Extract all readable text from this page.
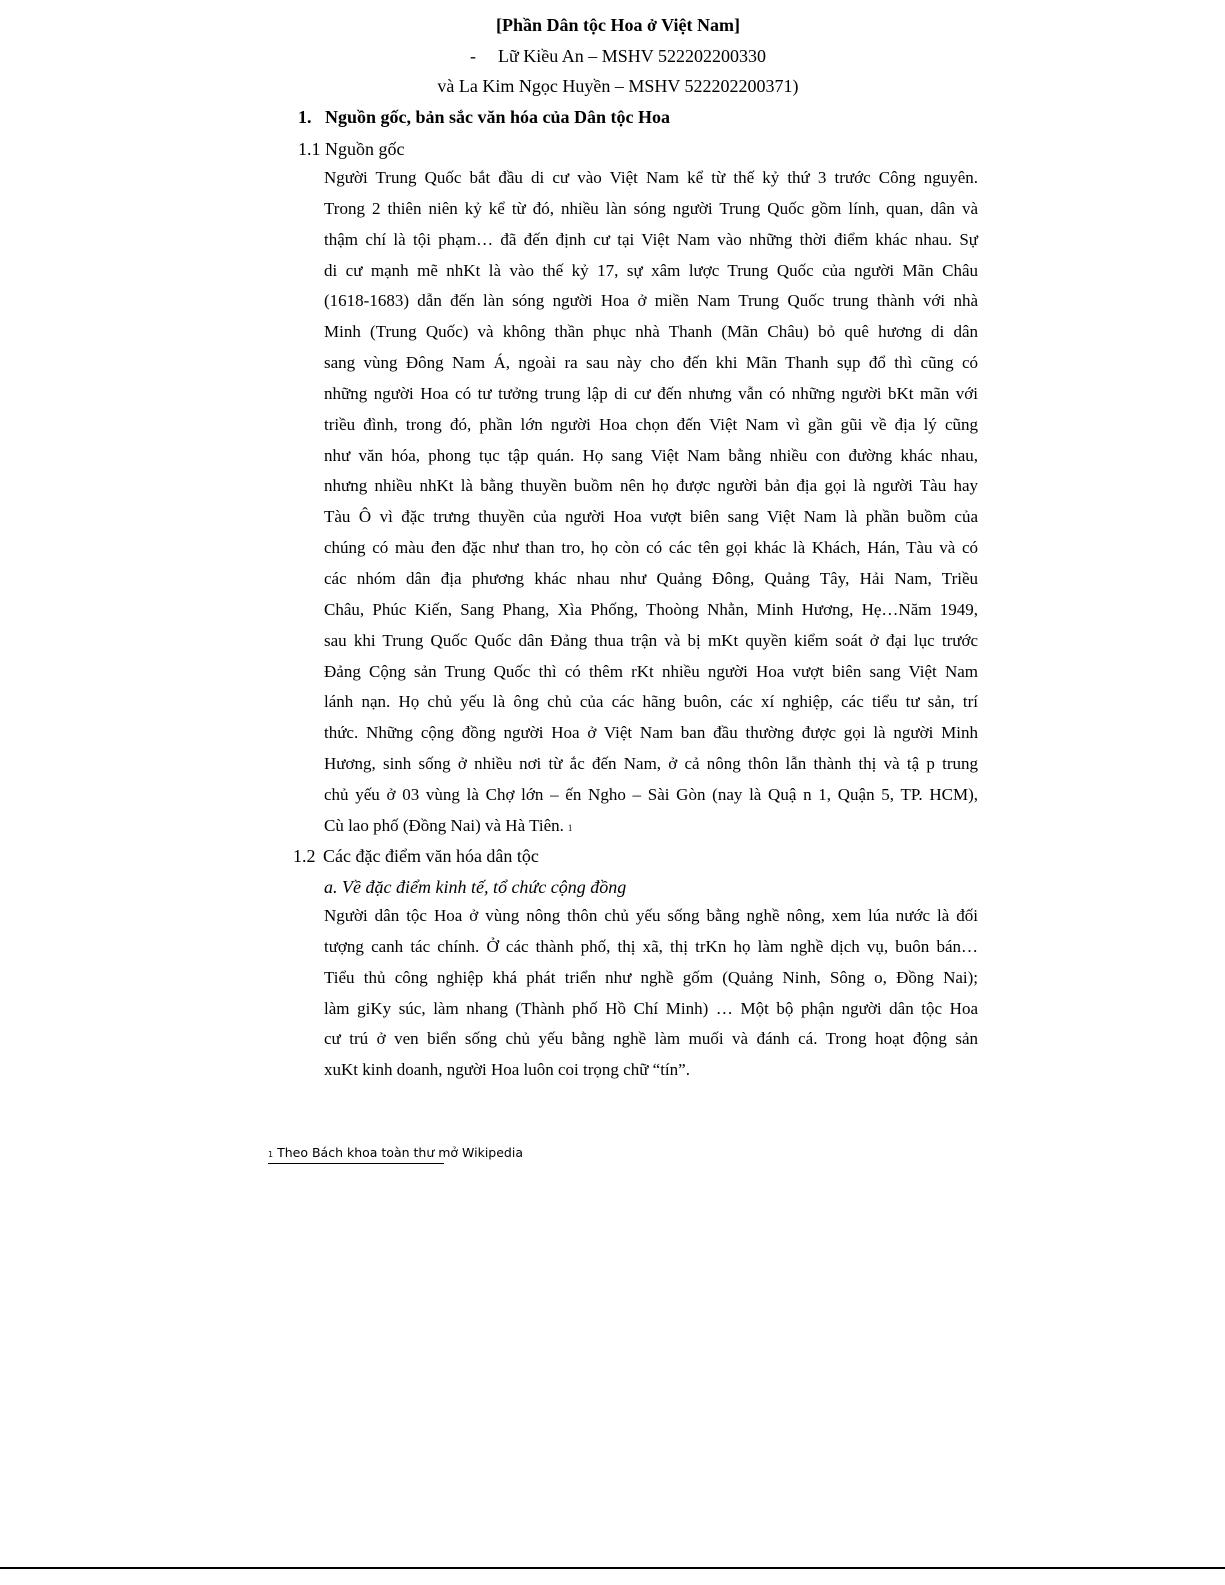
[Phần Dân tộc Hoa ở Việt Nam]
- Lữ Kiều An – MSHV 522202200330
và La Kim Ngọc Huyền – MSHV 522202200371)
1. Nguồn gốc, bản sắc văn hóa của Dân tộc Hoa
1.1 Nguồn gốc
Người Trung Quốc bắt đầu di cư vào Việt Nam kể từ thế kỷ thứ 3 trước Công nguyên.
Trong 2 thiên niên kỷ kể từ đó, nhiều làn sóng người Trung Quốc gồm lính, quan, dân và
thậm chí là tội phạm… đã đến định cư tại Việt Nam vào những thời điểm khác nhau. Sự
di cư mạnh mẽ nhKt là vào thế kỷ 17, sự xâm lược Trung Quốc của người Mãn Châu
(1618-1683) dẫn đến làn sóng người Hoa ở miền Nam Trung Quốc trung thành với nhà
Minh (Trung Quốc) và không thần phục nhà Thanh (Mãn Châu) bỏ quê hương di dân
sang vùng Đông Nam Á, ngoài ra sau này cho đến khi Mãn Thanh sụp đổ thì cũng có
những người Hoa có tư tưởng trung lập di cư đến nhưng vẫn có những người bKt mãn với
triều đình, trong đó, phần lớn người Hoa chọn đến Việt Nam vì gần gũi về địa lý cũng
như văn hóa, phong tục tập quán. Họ sang Việt Nam bằng nhiều con đường khác nhau,
nhưng nhiều nhKt là bằng thuyền buồm nên họ được người bản địa gọi là người Tàu hay
Tàu Ô vì đặc trưng thuyền của người Hoa vượt biên sang Việt Nam là phần buồm của
chúng có màu đen đặc như than tro, họ còn có các tên gọi khác là Khách, Hán, Tàu và có
các nhóm dân địa phương khác nhau như Quảng Đông, Quảng Tây, Hải Nam, Triều
Châu, Phúc Kiến, Sang Phang, Xìa Phống, Thoòng Nhằn, Minh Hương, Hẹ…Năm 1949,
sau khi Trung Quốc Quốc dân Đảng thua trận và bị mKt quyền kiểm soát ở đại lục trước
Đảng Cộng sản Trung Quốc thì có thêm rKt nhiều người Hoa vượt biên sang Việt Nam
lánh nạn. Họ chủ yếu là ông chủ của các hãng buôn, các xí nghiệp, các tiểu tư sản, trí
thức. Những cộng đồng người Hoa ở Việt Nam ban đầu thường được gọi là người Minh
Hương, sinh sống ở nhiều nơi từ ắc đến Nam, ở cả nông thôn lẫn thành thị và tậ p trung
chủ yếu ở 03 vùng là Chợ lớn – ến Ngho – Sài Gòn (nay là Quậ n 1, Quận 5, TP. HCM),
Cù lao phố (Đồng Nai) và Hà Tiên. 1
1.2 Các đặc điểm văn hóa dân tộc
a. Về đặc điểm kinh tế, tổ chức cộng đồng
Người dân tộc Hoa ở vùng nông thôn chủ yếu sống bằng nghề nông, xem lúa nước là đối
tượng canh tác chính. Ở các thành phố, thị xã, thị trKn họ làm nghề dịch vụ, buôn bán…
Tiểu thủ công nghiệp khá phát triển như nghề gốm (Quảng Ninh, Sông o, Đồng Nai);
làm giKy súc, làm nhang (Thành phố Hồ Chí Minh) … Một bộ phận người dân tộc Hoa
cư trú ở ven biển sống chủ yếu bằng nghề làm muối và đánh cá. Trong hoạt động sản
xuKt kinh doanh, người Hoa luôn coi trọng chữ “tín”.
1 Theo Bách khoa toàn thư mở Wikipedia
